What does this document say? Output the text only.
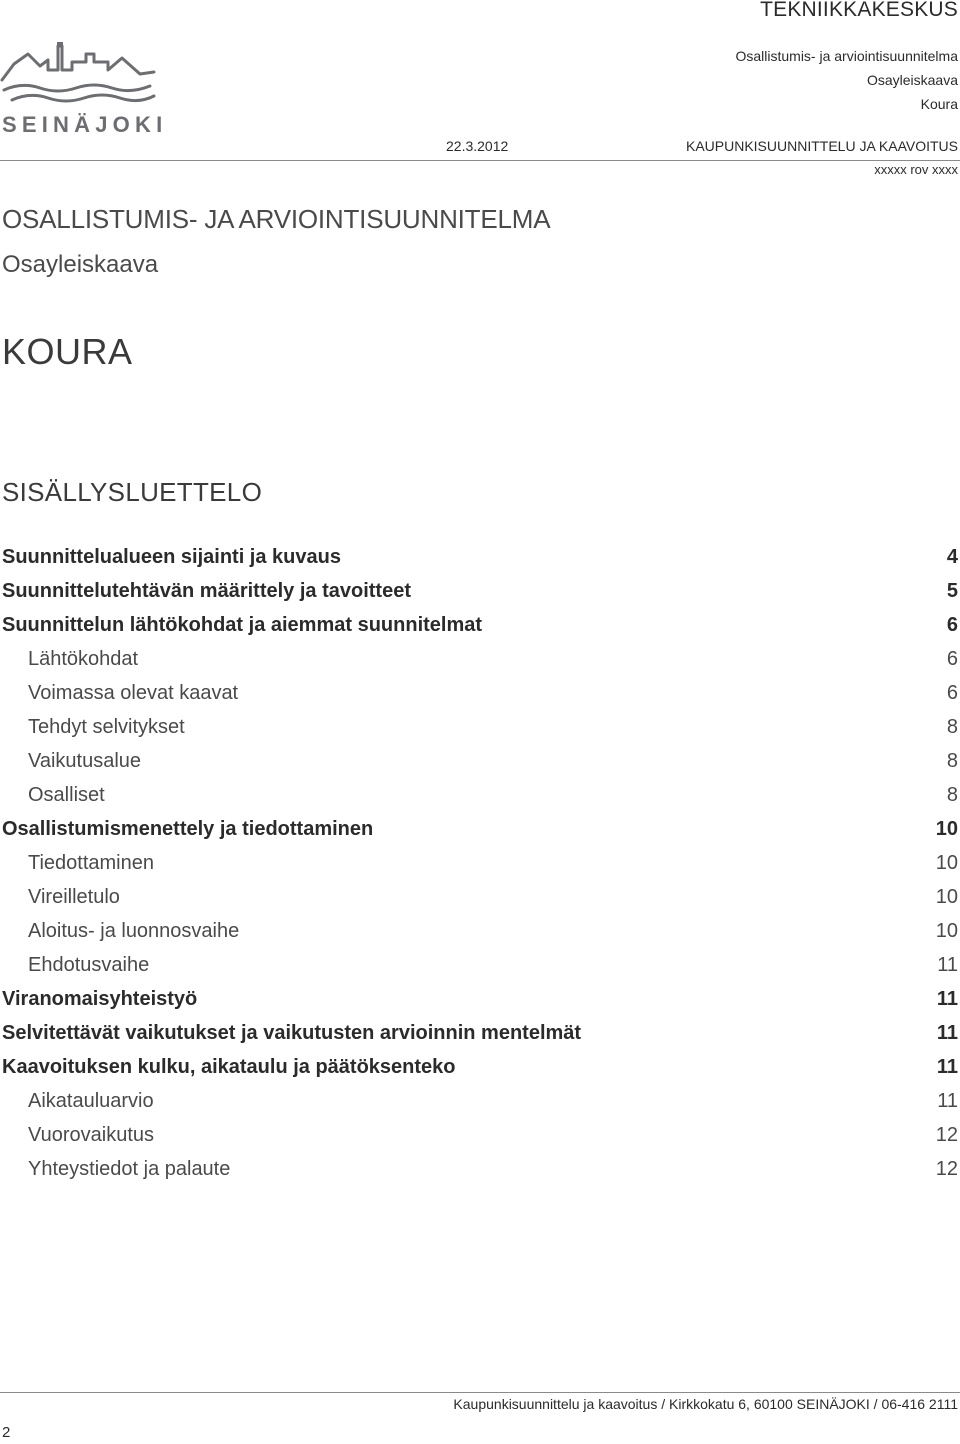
TEKNIIKKAKESKUS
Osallistumis- ja arviointisuunnitelma
Osayleiskaava
Koura
SEINÄJOKI
22.3.2012	KAUPUNKISUUNNITTELU JA KAAVOITUS
xxxxx rov xxxx
OSALLISTUMIS- JA ARVIOINTISUUNNITELMA
Osayleiskaava
KOURA
SISÄLLYSLUETTELO
Suunnittelualueen sijainti ja kuvaus	4
Suunnittelutehtävän määrittely ja tavoitteet	5
Suunnittelun lähtökohdat ja aiemmat suunnitelmat	6
Lähtökohdat	6
Voimassa olevat kaavat	6
Tehdyt selvitykset	8
Vaikutusalue	8
Osalliset	8
Osallistumismenettely ja tiedottaminen	10
Tiedottaminen	10
Vireilletulo	10
Aloitus- ja luonnosvaihe	10
Ehdotusvaihe	11
Viranomaisyhteistyö	11
Selvitettävät vaikutukset ja vaikutusten arvioinnin mentelmät	11
Kaavoituksen kulku, aikataulu ja päätöksenteko	11
Aikatauluarvio	11
Vuorovaikutus	12
Yhteystiedot ja palaute	12
Kaupunkisuunnittelu ja kaavoitus / Kirkkokatu 6, 60100 SEINÄJOKI / 06-416 2111
2
